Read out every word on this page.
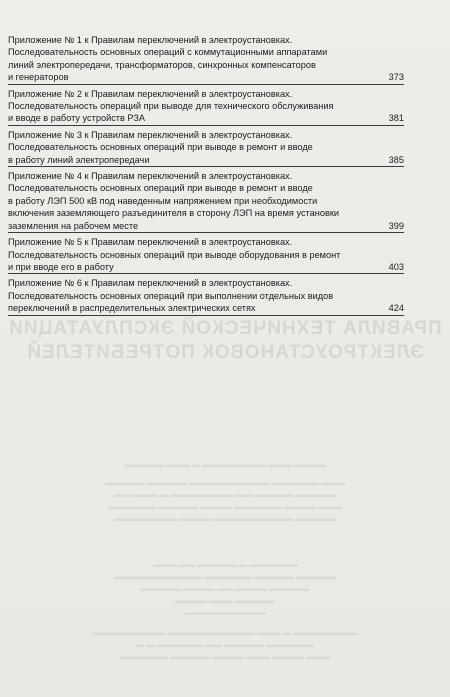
ПРАВИЛА ТЕХНИЧЕСКОЙ ЭКСПЛУАТАЦИИ
ЭЛЕКТРОУСТАНОВОК ПОТРЕБИТЕЛЕЙ
▬▬▬▬ ▬▬▬ ▬▬▬▬▬▬▬▬ ▬ ▬▬▬ ▬▬▬▬▬
▬▬▬ ▬▬▬▬▬▬ ▬▬▬▬▬▬▬▬▬▬ ▬▬▬▬▬ ▬▬▬▬▬
▬▬▬▬▬ ▬▬▬▬▬ ▬▬ ▬▬▬▬▬▬▬▬ ▬ ▬▬▬ ▬ ▬
▬▬▬ ▬▬▬▬ ▬▬▬▬▬▬ ▬▬▬▬ ▬▬▬▬▬ ▬▬▬▬▬▬
▬▬▬▬▬ ▬▬▬▬▬▬▬▬▬▬ ▬▬▬▬ ▬▬▬▬▬▬▬▬
▬▬▬▬▬▬ ▬ ▬▬▬▬▬ ▬▬ ▬▬▬
▬▬▬▬▬ ▬▬▬▬▬ ▬▬▬▬▬▬ ▬▬▬▬▬▬▬▬▬▬▬
▬▬▬▬▬ ▬▬▬▬ ▬▬ ▬▬▬▬ ▬▬▬▬▬
▬▬▬▬▬ ▬▬▬ ▬▬▬▬
▬▬▬▬▬▬▬▬▬▬
▬▬▬▬▬▬▬▬ ▬ ▬▬▬ ▬▬▬▬▬▬▬▬▬▬▬ ▬▬▬▬▬▬▬▬▬
▬▬▬▬▬▬ ▬▬▬▬▬ ▬▬ ▬▬▬▬▬▬ ▬ ▬
▬▬▬ ▬▬▬▬ ▬▬▬ ▬▬▬▬ ▬▬▬▬▬ ▬▬▬▬▬▬
Приложение № 1 к Правилам переключений в электроустановках.
Последовательность основных операций с коммутационными аппаратами
линий электропередачи, трансформаторов, синхронных компенсаторов
и генераторов	373
Приложение № 2 к Правилам переключений в электроустановках.
Последовательность операций при выводе для технического обслуживания
и вводе в работу устройств РЗА	381
Приложение № 3 к Правилам переключений в электроустановках.
Последовательность основных операций при выводе в ремонт и вводе
в работу линий электропередачи	385
Приложение № 4 к Правилам переключений в электроустановках.
Последовательность основных операций при выводе в ремонт и вводе
в работу ЛЭП 500 кВ под наведенным напряжением при необходимости
включения заземляющего разъединителя в сторону ЛЭП на время установки
заземления на рабочем месте	399
Приложение № 5 к Правилам переключений в электроустановках.
Последовательность основных операций при выводе оборудования в ремонт
и при вводе его в работу	403
Приложение № 6 к Правилам переключений в электроустановках.
Последовательность основных операций при выполнении отдельных видов
переключений в распределительных электрических сетях	424
